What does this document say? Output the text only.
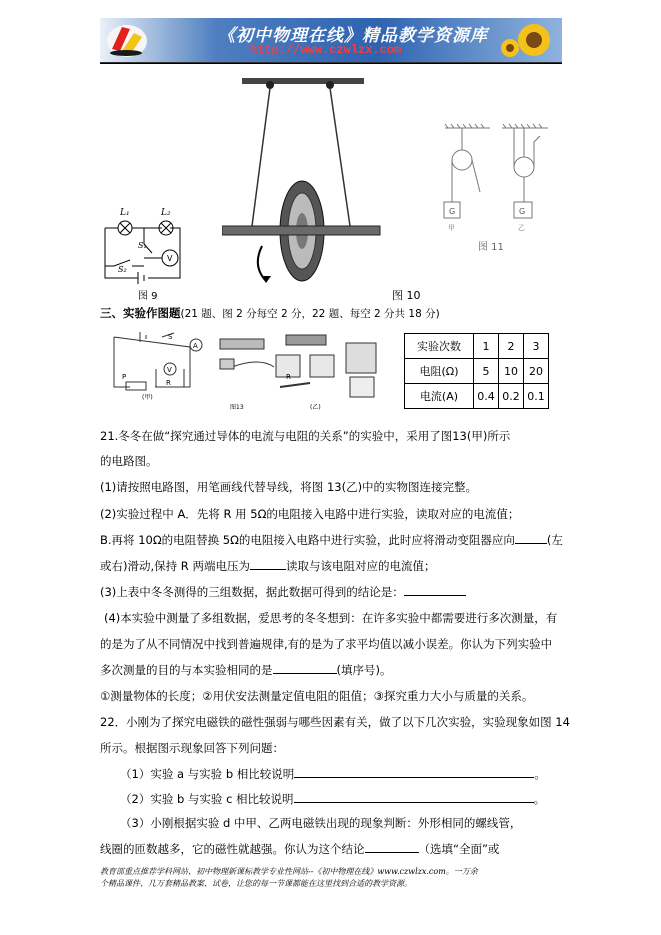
《初中物理在线》精品教学资源库
http://www.czwlzx.com
L₁	L₂
S₁
S₂
V
图 9	图 10
G	G
甲	乙
图 11
三、实验作图题(21 题、图 2 分每空 2 分，22 题、每空 2 分共 18 分)
S
A
V
P
R
R
(甲)
图13	(乙)
实验次数	1	2	3
电阻(Ω)	5	10	20
电流(A)	0.4	0.2	0.1
21.冬冬在做“探究通过导体的电流与电阻的关系”的实验中，采用了图13(甲)所示
的电路图。
(1)请按照电路图，用笔画线代替导线，将图 13(乙)中的实物图连接完整。
(2)实验过程中 A．先将 R 用 5Ω的电阻接入电路中进行实验，读取对应的电流值；
B.再将 10Ω的电阻替换 5Ω的电阻接入电路中进行实验，此时应将滑动变阻器应向	(左
或右)滑动,保持 R 两端电压为	读取与该电阻对应的电流值；
(3)上表中冬冬测得的三组数据，据此数据可得到的结论是：
(4)本实验中测量了多组数据，爱思考的冬冬想到：在许多实验中都需要进行多次测量，有
的是为了从不同情况中找到普遍规律,有的是为了求平均值以减小误差。你认为下列实验中
多次测量的目的与本实验相同的是	(填序号)。
①测量物体的长度；②用伏安法测量定值电阻的阻值；③探究重力大小与质量的关系。
22．小刚为了探究电磁铁的磁性强弱与哪些因素有关，做了以下几次实验，实验现象如图 14
所示。根据图示现象回答下列问题：
（1）实验 a 与实验 b 相比较说明	。
（2）实验 b 与实验 c 相比较说明	。
（3）小刚根据实验 d 中甲、乙两电磁铁出现的现象判断：外形相同的螺线管，
线圈的匝数越多，它的磁性就越强。你认为这个结论	（选填“全面”或
教育部重点推荐学科网站、初中物理新课标教学专业性网站--《初中物理在线》www.czwlzx.com。一万余
个精品课件、几万套精品教案、试卷，让您的每一节课都能在这里找到合适的教学资源。
